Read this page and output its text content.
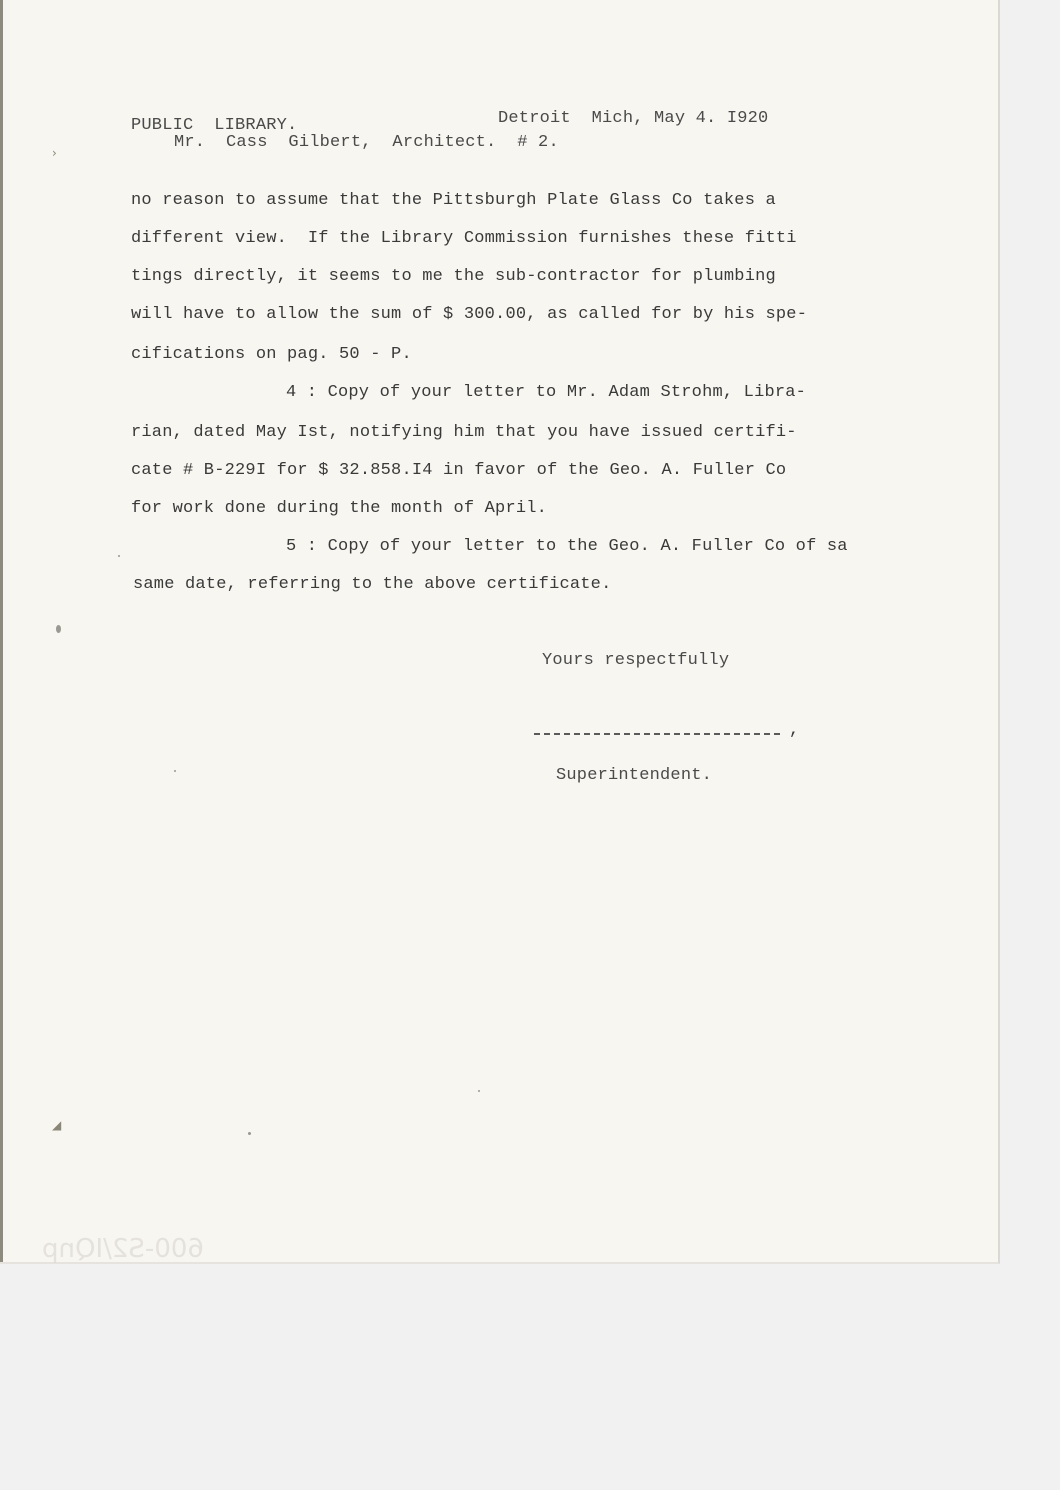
PUBLIC  LIBRARY.	Detroit  Mich, May 4. I920
Mr.  Cass  Gilbert,  Architect.  # 2.
no reason to assume that the Pittsburgh Plate Glass Co takes a
different view.  If the Library Commission furnishes these fitti
tings directly, it seems to me the sub-contractor for plumbing
will have to allow the sum of $ 300.00, as called for by his spe-
cifications on pag. 50 - P.
4 : Copy of your letter to Mr. Adam Strohm, Libra-
rian, dated May Ist, notifying him that you have issued certifi-
cate # B-229I for $ 32.858.I4 in favor of the Geo. A. Fuller Co
for work done during the month of April.
5 : Copy of your letter to the Geo. A. Fuller Co of sa
same date, referring to the above certificate.
Yours respectfully
,
Superintendent.
›
◢
600-S2/IQnp
